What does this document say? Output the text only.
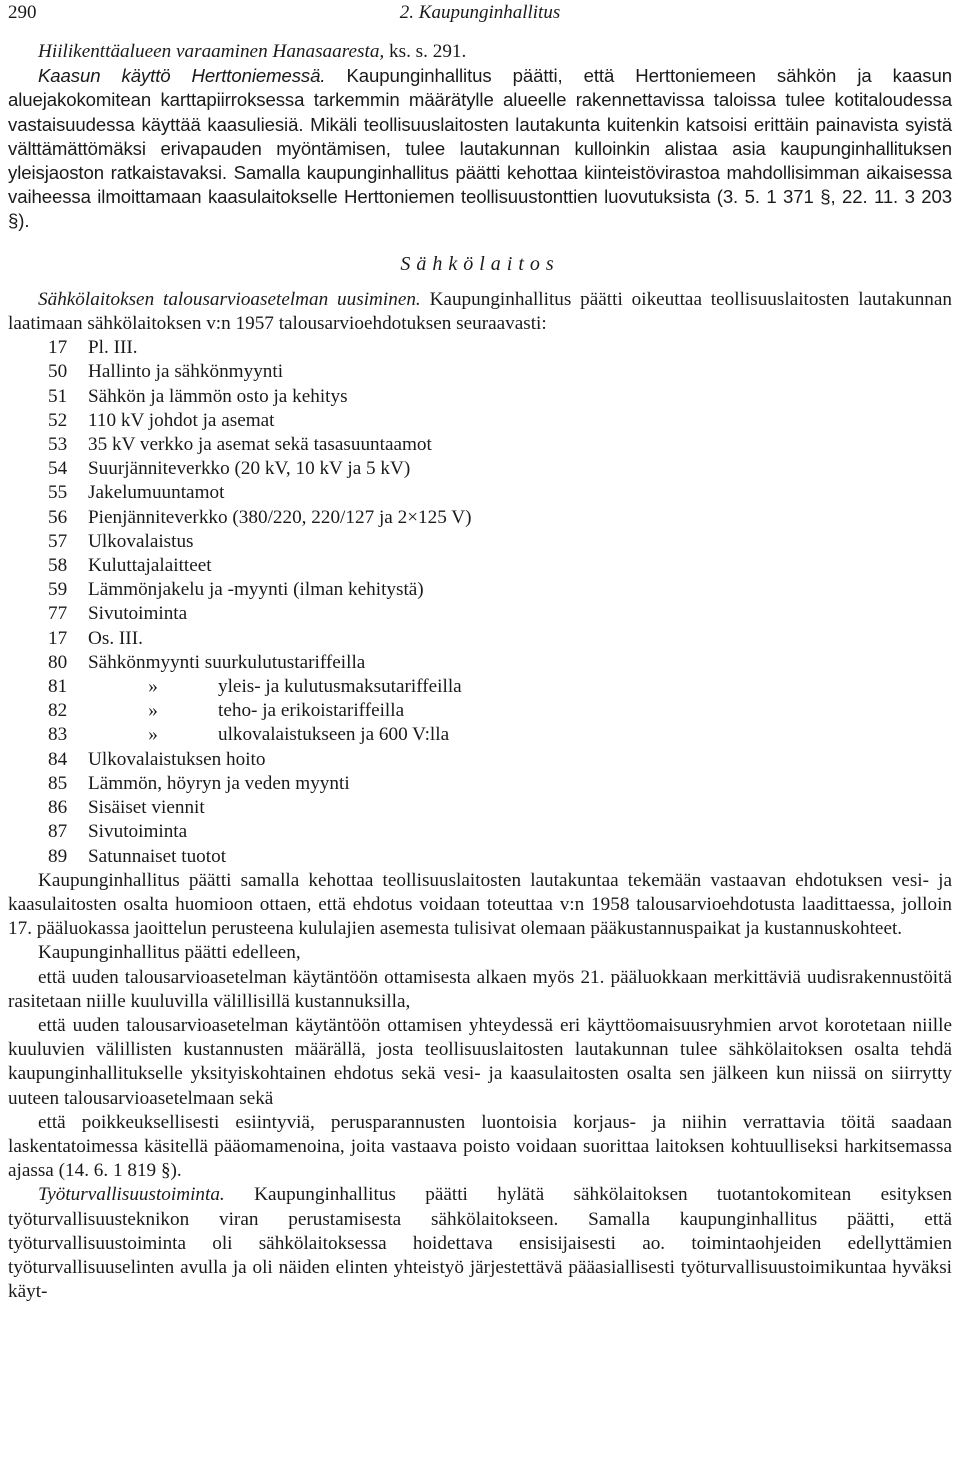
290	2. Kaupunginhallitus

Hiilikenttäalueen varaaminen Hanasaaresta, ks. s. 291.

Kaasun käyttö Herttoniemessä. Kaupunginhallitus päätti, että Herttoniemeen sähkön ja kaasun aluejakokomitean karttapiirroksessa tarkemmin määrätylle alueelle rakennettavissa taloissa tulee kotitaloudessa vastaisuudessa käyttää kaasuliesiä. Mikäli teollisuuslaitosten lautakunta kuitenkin katsoisi erittäin painavista syistä välttämättömäksi erivapauden myöntämisen, tulee lautakunnan kulloinkin alistaa asia kaupunginhallituksen yleisjaoston ratkaistavaksi. Samalla kaupunginhallitus päätti kehottaa kiinteistövirastoa mahdollisimman aikaisessa vaiheessa ilmoittamaan kaasulaitokselle Herttoniemen teollisuustonttien luovutuksista (3. 5. 1 371 §, 22. 11. 3 203 §).

Sähkölaitos

Sähkölaitoksen talousarvioasetelman uusiminen. Kaupunginhallitus päätti oikeuttaa teollisuuslaitosten lautakunnan laatimaan sähkölaitoksen v:n 1957 talousarvioehdotuksen seuraavasti:

17	Pl. III.
50	Hallinto ja sähkönmyynti
51	Sähkön ja lämmön osto ja kehitys
52	110 kV johdot ja asemat
53	35 kV verkko ja asemat sekä tasasuuntaamot
54	Suurjänniteverkko (20 kV, 10 kV ja 5 kV)
55	Jakelumuuntamot
56	Pienjänniteverkko (380/220, 220/127 ja 2×125 V)
57	Ulkovalaistus
58	Kuluttajalaitteet
59	Lämmönjakelu ja -myynti (ilman kehitystä)
77	Sivutoiminta
17	Os. III.
80	Sähkönmyynti suurkulutustariffeilla
81	»	yleis- ja kulutusmaksutariffeilla
82	»	teho- ja erikoistariffeilla
83	»	ulkovalaistukseen ja 600 V:lla
84	Ulkovalaistuksen hoito
85	Lämmön, höyryn ja veden myynti
86	Sisäiset viennit
87	Sivutoiminta
89	Satunnaiset tuotot

Kaupunginhallitus päätti samalla kehottaa teollisuuslaitosten lautakuntaa tekemään vastaavan ehdotuksen vesi- ja kaasulaitosten osalta huomioon ottaen, että ehdotus voidaan toteuttaa v:n 1958 talousarvioehdotusta laadittaessa, jolloin 17. pääluokassa jaoittelun perusteena kululajien asemesta tulisivat olemaan pääkustannuspaikat ja kustannuskohteet.

Kaupunginhallitus päätti edelleen,

että uuden talousarvioasetelman käytäntöön ottamisesta alkaen myös 21. pääluokkaan merkittäviä uudisrakennustöitä rasitetaan niille kuuluvilla välillisillä kustannuksilla,

että uuden talousarvioasetelman käytäntöön ottamisen yhteydessä eri käyttöomaisuusryhmien arvot korotetaan niille kuuluvien välillisten kustannusten määrällä, josta teollisuuslaitosten lautakunnan tulee sähkölaitoksen osalta tehdä kaupunginhallitukselle yksityiskohtainen ehdotus sekä vesi- ja kaasulaitosten osalta sen jälkeen kun niissä on siirrytty uuteen talousarvioasetelmaan sekä

että poikkeuksellisesti esiintyviä, perusparannusten luontoisia korjaus- ja niihin verrattavia töitä saadaan laskentatoimessa käsitellä pääomamenoina, joita vastaava poisto voidaan suorittaa laitoksen kohtuulliseksi harkitsemassa ajassa (14. 6. 1 819 §).

Työturvallisuustoiminta. Kaupunginhallitus päätti hylätä sähkölaitoksen tuotantokomitean esityksen työturvallisuusteknikon viran perustamisesta sähkölaitokseen. Samalla kaupunginhallitus päätti, että työturvallisuustoiminta oli sähkölaitoksessa hoidettava ensisijaisesti ao. toimintaohjeiden edellyttämien työturvallisuuselinten avulla ja oli näiden elinten yhteistyö järjestettävä pääasiallisesti työturvallisuustoimikuntaa hyväksi käyt-
